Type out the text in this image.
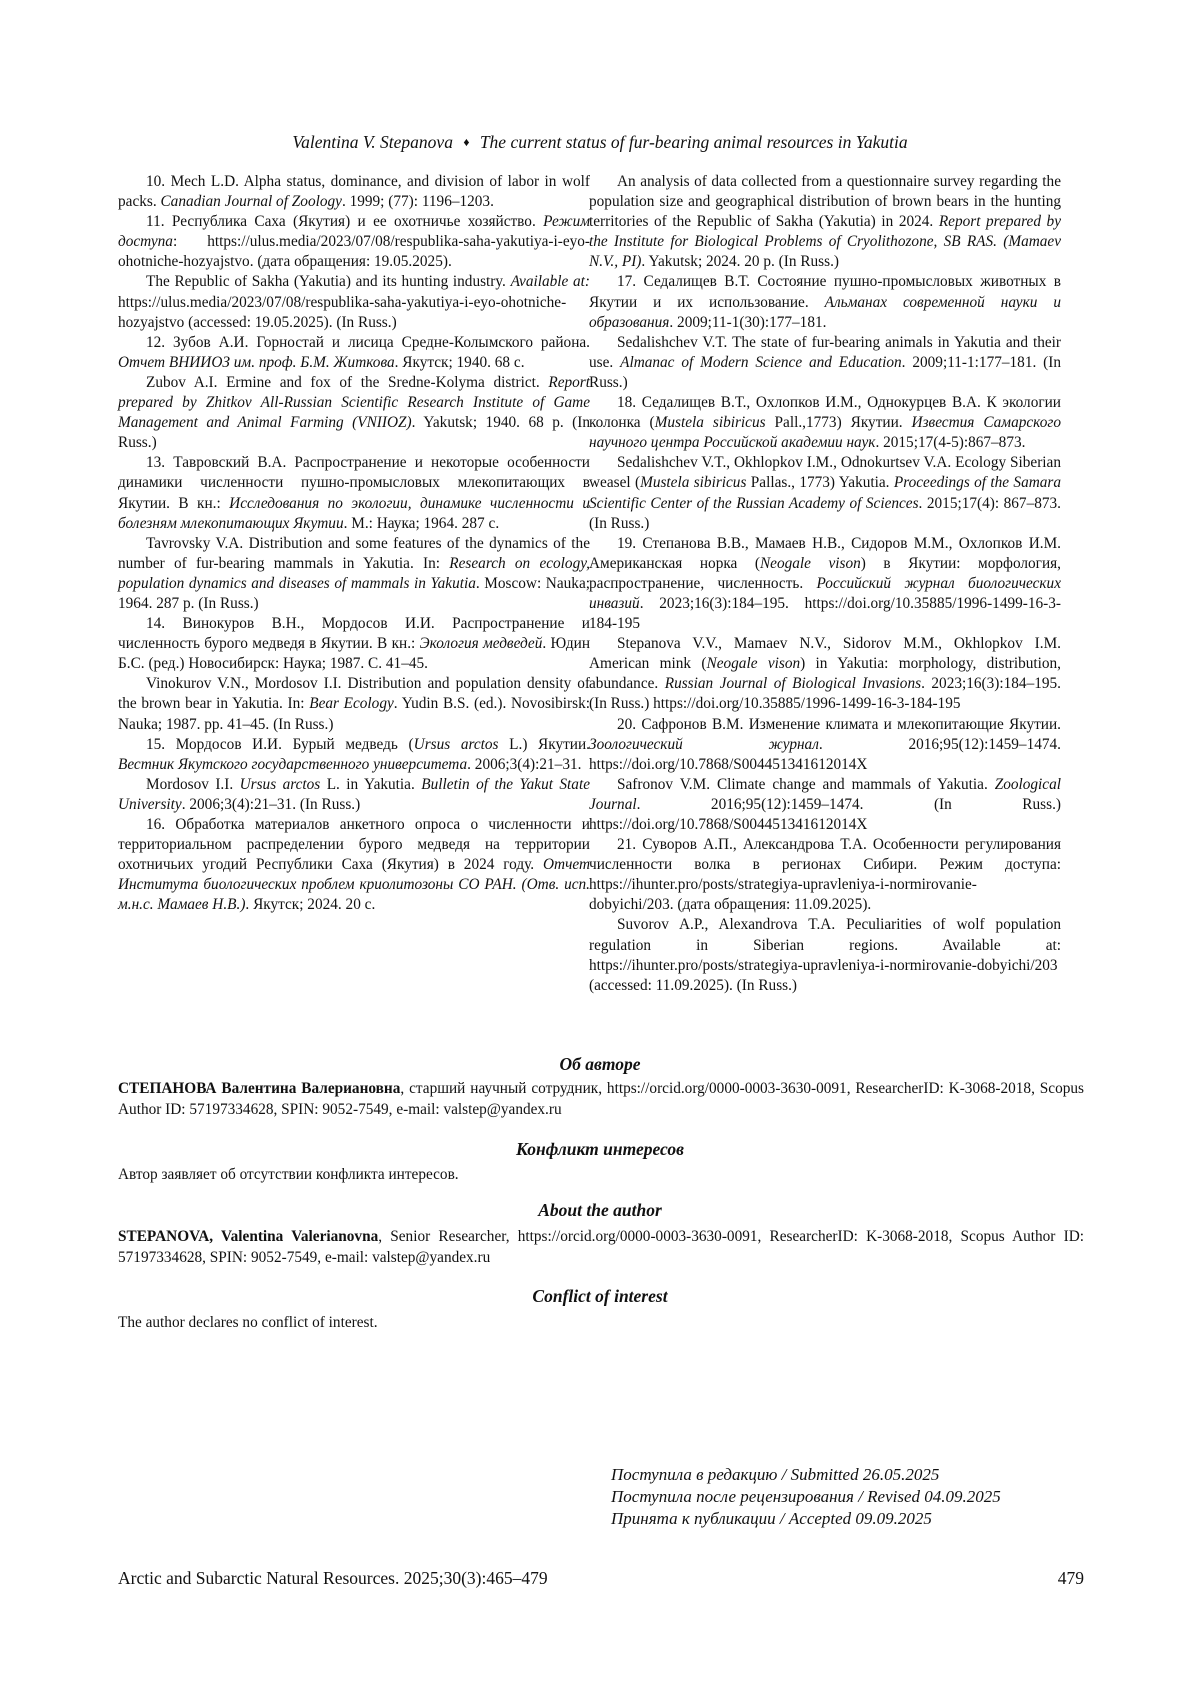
Valentina V. Stepanova ♦ The current status of fur-bearing animal resources in Yakutia

10. Mech L.D. Alpha status, dominance, and division of labor in wolf packs. Canadian Journal of Zoology. 1999; (77): 1196–1203.

11. Республика Саха (Якутия) и ее охотничье хозяйство. Режим доступа: https://ulus.media/2023/07/08/respublika-saha-yakutiya-i-eyo-ohotniche-hozyajstvo. (дата обращения: 19.05.2025).

The Republic of Sakha (Yakutia) and its hunting industry. Available at: https://ulus.media/2023/07/08/respublika-saha-yakutiya-i-eyo-ohotniche-hozyajstvo (accessed: 19.05.2025). (In Russ.)

12. Зубов А.И. Горностай и лисица Средне-Колымского района. Отчет ВНИИОЗ им. проф. Б.М. Житкова. Якутск; 1940. 68 с.

Zubov A.I. Ermine and fox of the Sredne-Kolyma district. Report prepared by Zhitkov All-Russian Scientific Research Institute of Game Management and Animal Farming (VNIIOZ). Yakutsk; 1940. 68 p. (In Russ.)

13. Тавровский В.А. Распространение и некоторые особенности динамики численности пушно-промысловых млекопитающих в Якутии. В кн.: Исследования по экологии, динамике численности и болезням млекопитающих Якутии. М.: Наука; 1964. 287 с.

Tavrovsky V.A. Distribution and some features of the dynamics of the number of fur-bearing mammals in Yakutia. In: Research on ecology, population dynamics and diseases of mammals in Yakutia. Moscow: Nauka; 1964. 287 p. (In Russ.)

14. Винокуров В.Н., Мордосов И.И. Распространение и численность бурого медведя в Якутии. В кн.: Экология медведей. Юдин Б.С. (ред.) Новосибирск: Наука; 1987. С. 41–45.

Vinokurov V.N., Mordosov I.I. Distribution and population density of the brown bear in Yakutia. In: Bear Ecology. Yudin B.S. (ed.). Novosibirsk: Nauka; 1987. pp. 41–45. (In Russ.)

15. Мордосов И.И. Бурый медведь (Ursus arctos L.) Якутии. Вестник Якутского государственного университета. 2006;3(4):21–31.

Mordosov I.I. Ursus arctos L. in Yakutia. Bulletin of the Yakut State University. 2006;3(4):21–31. (In Russ.)

16. Обработка материалов анкетного опроса о численности и территориальном распределении бурого медведя на территории охотничьих угодий Республики Саха (Якутия) в 2024 году. Отчет Института биологических проблем криолитозоны СО РАН. (Отв. исп. м.н.с. Мамаев Н.В.). Якутск; 2024. 20 с.

An analysis of data collected from a questionnaire survey regarding the population size and geographical distribution of brown bears in the hunting territories of the Republic of Sakha (Yakutia) in 2024. Report prepared by the Institute for Biological Problems of Cryolithozone, SB RAS. (Mamaev N.V., PI). Yakutsk; 2024. 20 p. (In Russ.)

17. Седалищев В.Т. Состояние пушно-промысловых животных в Якутии и их использование. Альманах современной науки и образования. 2009;11-1(30):177–181.

Sedalishchev V.T. The state of fur-bearing animals in Yakutia and their use. Almanac of Modern Science and Education. 2009;11-1:177–181. (In Russ.)

18. Седалищев В.Т., Охлопков И.М., Однокурцев В.А. К экологии колонка (Mustela sibiricus Pall.,1773) Якутии. Известия Самарского научного центра Российской академии наук. 2015;17(4-5):867–873.

Sedalishchev V.T., Okhlopkov I.M., Odnokurtsev V.A. Ecology Siberian weasel (Mustela sibiricus Pallas., 1773) Yakutia. Proceedings of the Samara Scientific Center of the Russian Academy of Sciences. 2015;17(4): 867–873. (In Russ.)

19. Степанова В.В., Мамаев Н.В., Сидоров М.М., Охлопков И.М. Американская норка (Neogale vison) в Якутии: морфология, распространение, численность. Российский журнал биологических инвазий. 2023;16(3):184–195. https://doi.org/10.35885/1996-1499-16-3-184-195

Stepanova V.V., Mamaev N.V., Sidorov M.M., Okhlopkov I.M. American mink (Neogale vison) in Yakutia: morphology, distribution, abundance. Russian Journal of Biological Invasions. 2023;16(3):184–195. (In Russ.) https://doi.org/10.35885/1996-1499-16-3-184-195

20. Сафронов В.М. Изменение климата и млекопитающие Якутии. Зоологический журнал. 2016;95(12):1459–1474. https://doi.org/10.7868/S004451341612014X

Safronov V.M. Climate change and mammals of Yakutia. Zoological Journal. 2016;95(12):1459–1474. (In Russ.) https://doi.org/10.7868/S004451341612014X

21. Суворов А.П., Александрова Т.А. Особенности регулирования численности волка в регионах Сибири. Режим доступа: https://ihunter.pro/posts/strategiya-upravleniya-i-normirovanie-dobyichi/203. (дата обращения: 11.09.2025).

Suvorov A.P., Alexandrova T.A. Peculiarities of wolf population regulation in Siberian regions. Available at: https://ihunter.pro/posts/strategiya-upravleniya-i-normirovanie-dobyichi/203 (accessed: 11.09.2025). (In Russ.)

Об авторе

СТЕПАНОВА Валентина Валериановна, старший научный сотрудник, https://orcid.org/0000-0003-3630-0091, ResearcherID: K-3068-2018, Scopus Author ID: 57197334628, SPIN: 9052-7549, e-mail: valstep@yandex.ru

Конфликт интересов

Автор заявляет об отсутствии конфликта интересов.

About the author

STEPANOVA, Valentina Valerianovna, Senior Researcher, https://orcid.org/0000-0003-3630-0091, ResearcherID: K-3068-2018, Scopus Author ID: 57197334628, SPIN: 9052-7549, e-mail: valstep@yandex.ru

Conflict of interest

The author declares no conflict of interest.

Поступила в редакцию / Submitted 26.05.2025
Поступила после рецензирования / Revised 04.09.2025
Принята к публикации / Accepted 09.09.2025
Arctic and Subarctic Natural Resources. 2025;30(3):465–479	479
